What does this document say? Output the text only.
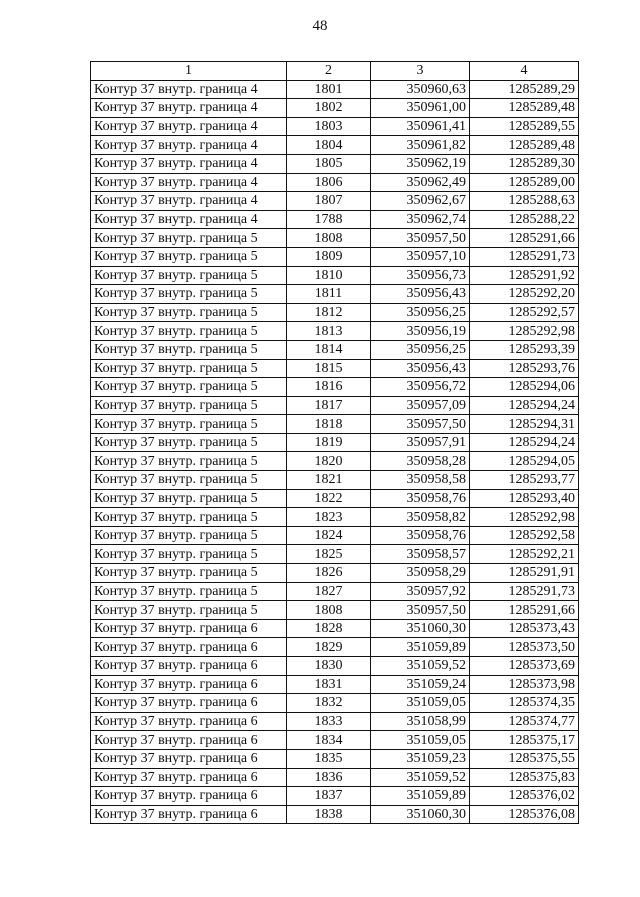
48
1	2	3	4
Контур 37 внутр. граница 4	1801	350960,63	1285289,29
Контур 37 внутр. граница 4	1802	350961,00	1285289,48
Контур 37 внутр. граница 4	1803	350961,41	1285289,55
Контур 37 внутр. граница 4	1804	350961,82	1285289,48
Контур 37 внутр. граница 4	1805	350962,19	1285289,30
Контур 37 внутр. граница 4	1806	350962,49	1285289,00
Контур 37 внутр. граница 4	1807	350962,67	1285288,63
Контур 37 внутр. граница 4	1788	350962,74	1285288,22
Контур 37 внутр. граница 5	1808	350957,50	1285291,66
Контур 37 внутр. граница 5	1809	350957,10	1285291,73
Контур 37 внутр. граница 5	1810	350956,73	1285291,92
Контур 37 внутр. граница 5	1811	350956,43	1285292,20
Контур 37 внутр. граница 5	1812	350956,25	1285292,57
Контур 37 внутр. граница 5	1813	350956,19	1285292,98
Контур 37 внутр. граница 5	1814	350956,25	1285293,39
Контур 37 внутр. граница 5	1815	350956,43	1285293,76
Контур 37 внутр. граница 5	1816	350956,72	1285294,06
Контур 37 внутр. граница 5	1817	350957,09	1285294,24
Контур 37 внутр. граница 5	1818	350957,50	1285294,31
Контур 37 внутр. граница 5	1819	350957,91	1285294,24
Контур 37 внутр. граница 5	1820	350958,28	1285294,05
Контур 37 внутр. граница 5	1821	350958,58	1285293,77
Контур 37 внутр. граница 5	1822	350958,76	1285293,40
Контур 37 внутр. граница 5	1823	350958,82	1285292,98
Контур 37 внутр. граница 5	1824	350958,76	1285292,58
Контур 37 внутр. граница 5	1825	350958,57	1285292,21
Контур 37 внутр. граница 5	1826	350958,29	1285291,91
Контур 37 внутр. граница 5	1827	350957,92	1285291,73
Контур 37 внутр. граница 5	1808	350957,50	1285291,66
Контур 37 внутр. граница 6	1828	351060,30	1285373,43
Контур 37 внутр. граница 6	1829	351059,89	1285373,50
Контур 37 внутр. граница 6	1830	351059,52	1285373,69
Контур 37 внутр. граница 6	1831	351059,24	1285373,98
Контур 37 внутр. граница 6	1832	351059,05	1285374,35
Контур 37 внутр. граница 6	1833	351058,99	1285374,77
Контур 37 внутр. граница 6	1834	351059,05	1285375,17
Контур 37 внутр. граница 6	1835	351059,23	1285375,55
Контур 37 внутр. граница 6	1836	351059,52	1285375,83
Контур 37 внутр. граница 6	1837	351059,89	1285376,02
Контур 37 внутр. граница 6	1838	351060,30	1285376,08
